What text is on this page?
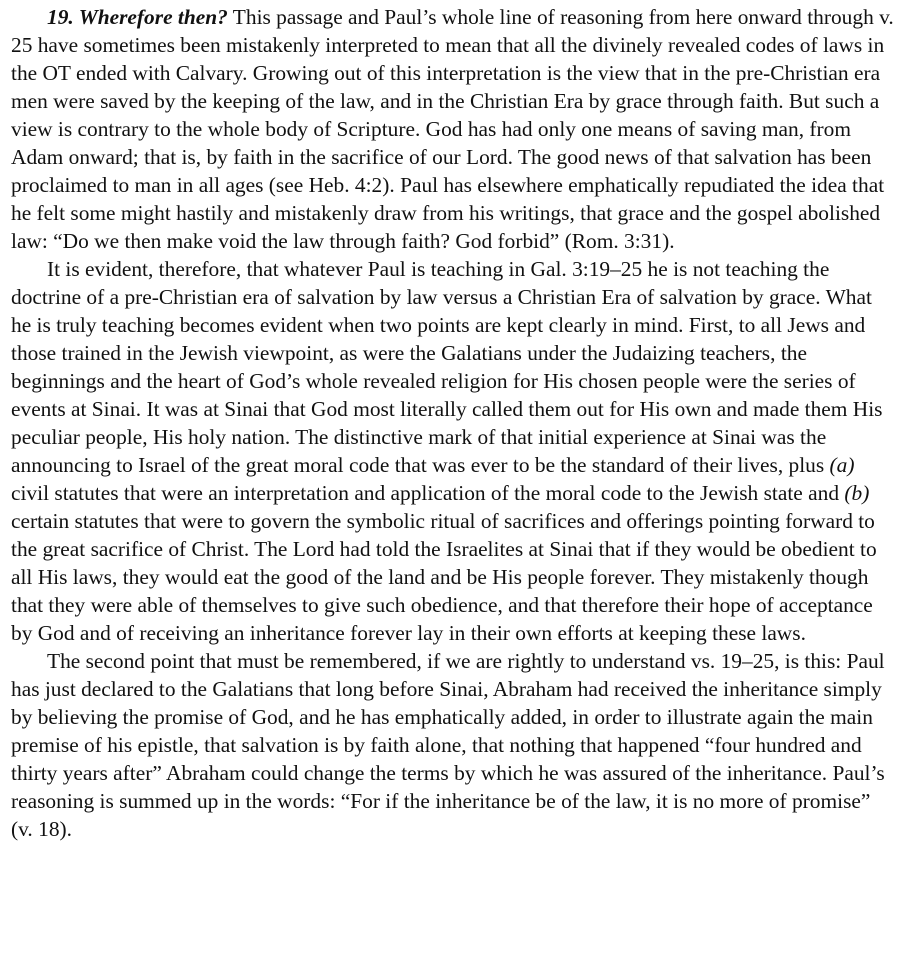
19. Wherefore then? This passage and Paul’s whole line of reasoning from here onward through v. 25 have sometimes been mistakenly interpreted to mean that all the divinely revealed codes of laws in the OT ended with Calvary. Growing out of this interpretation is the view that in the pre-Christian era men were saved by the keeping of the law, and in the Christian Era by grace through faith. But such a view is contrary to the whole body of Scripture. God has had only one means of saving man, from Adam onward; that is, by faith in the sacrifice of our Lord. The good news of that salvation has been proclaimed to man in all ages (see Heb. 4:2). Paul has elsewhere emphatically repudiated the idea that he felt some might hastily and mistakenly draw from his writings, that grace and the gospel abolished law: “Do we then make void the law through faith? God forbid” (Rom. 3:31).

It is evident, therefore, that whatever Paul is teaching in Gal. 3:19–25 he is not teaching the doctrine of a pre-Christian era of salvation by law versus a Christian Era of salvation by grace. What he is truly teaching becomes evident when two points are kept clearly in mind. First, to all Jews and those trained in the Jewish viewpoint, as were the Galatians under the Judaizing teachers, the beginnings and the heart of God’s whole revealed religion for His chosen people were the series of events at Sinai. It was at Sinai that God most literally called them out for His own and made them His peculiar people, His holy nation. The distinctive mark of that initial experience at Sinai was the announcing to Israel of the great moral code that was ever to be the standard of their lives, plus (a) civil statutes that were an interpretation and application of the moral code to the Jewish state and (b) certain statutes that were to govern the symbolic ritual of sacrifices and offerings pointing forward to the great sacrifice of Christ. The Lord had told the Israelites at Sinai that if they would be obedient to all His laws, they would eat the good of the land and be His people forever. They mistakenly though that they were able of themselves to give such obedience, and that therefore their hope of acceptance by God and of receiving an inheritance forever lay in their own efforts at keeping these laws.

The second point that must be remembered, if we are rightly to understand vs. 19–25, is this: Paul has just declared to the Galatians that long before Sinai, Abraham had received the inheritance simply by believing the promise of God, and he has emphatically added, in order to illustrate again the main premise of his epistle, that salvation is by faith alone, that nothing that happened “four hundred and thirty years after” Abraham could change the terms by which he was assured of the inheritance. Paul’s reasoning is summed up in the words: “For if the inheritance be of the law, it is no more of promise” (v. 18).
